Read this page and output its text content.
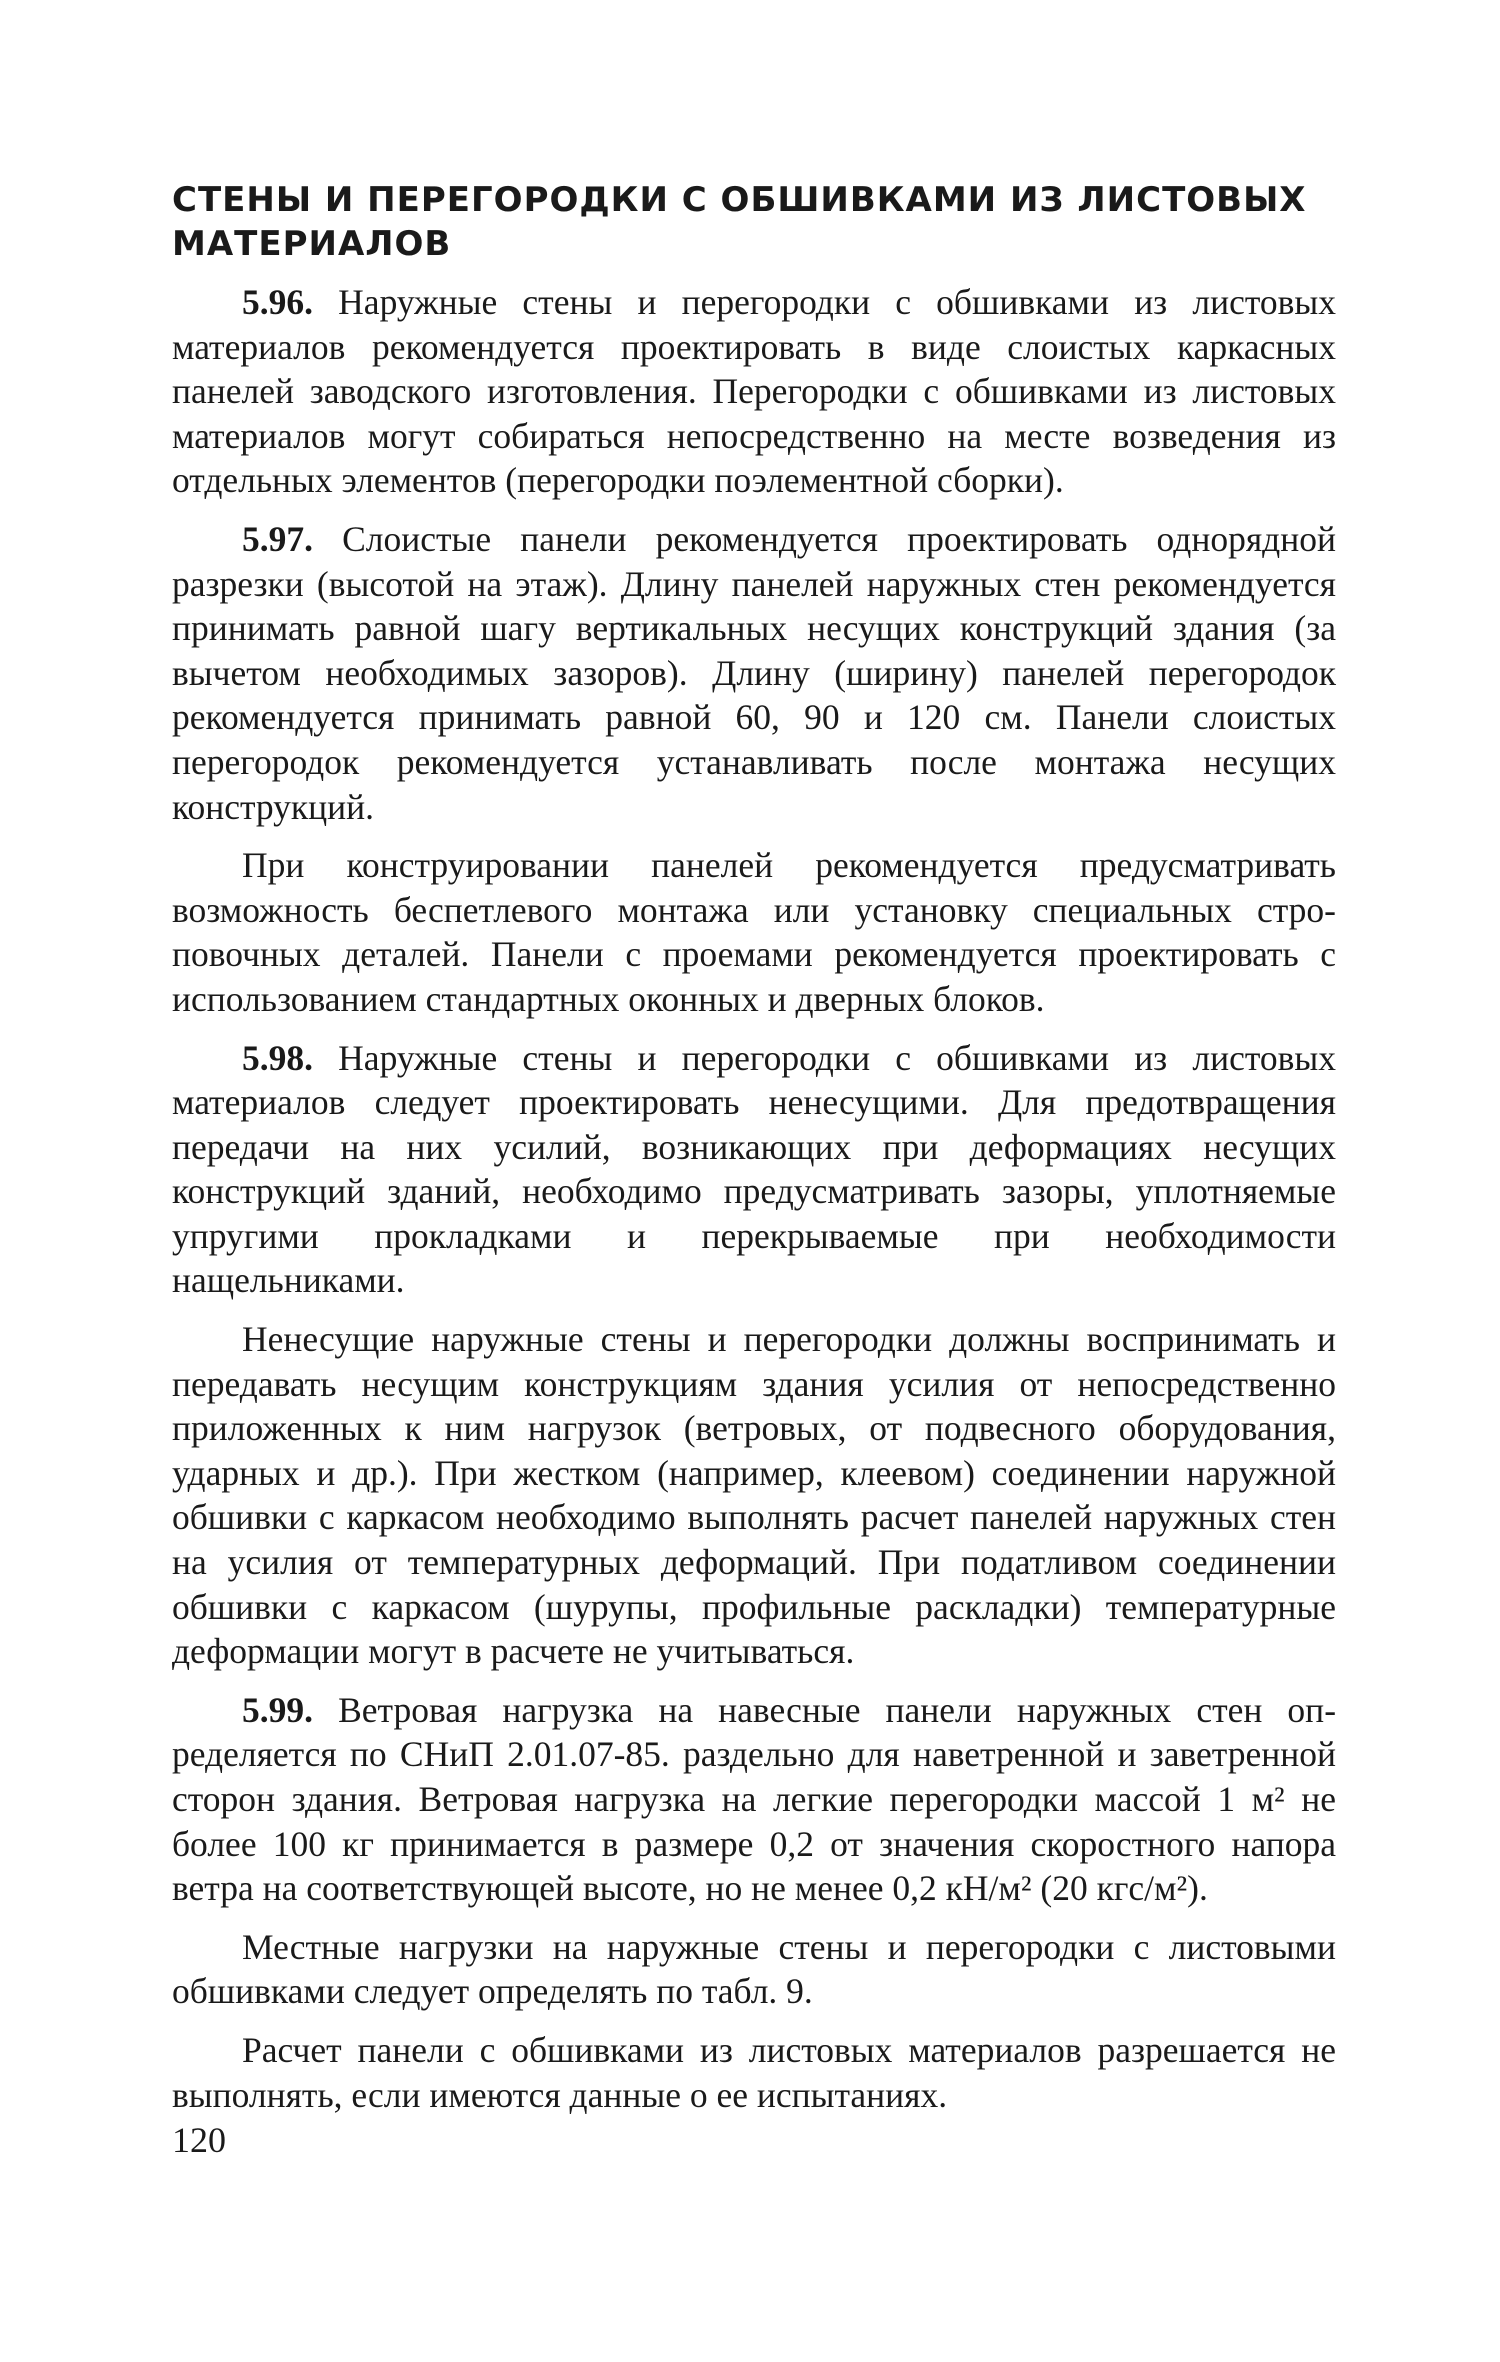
СТЕНЫ И ПЕРЕГОРОДКИ С ОБШИВКАМИ ИЗ ЛИСТОВЫХ МАТЕРИАЛОВ

5.96. Наружные стены и перегородки с обшивками из листовых материалов рекомендуется проектировать в виде слоистых каркасных панелей заводского изготовления. Перегородки с обшивками из листовых материалов могут собираться непосредственно на месте возведения из отдельных элементов (перегородки поэлементной сборки).

5.97. Слоистые панели рекомендуется проектировать однорядной разрезки (высотой на этаж). Длину панелей наружных стен рекомендуется принимать равной шагу вертикальных несущих конструкций здания (за вычетом необходимых зазоров). Длину (ширину) панелей перегородок рекомендуется принимать равной 60, 90 и 120 см. Панели слоистых перегородок рекомендуется устанавливать после монтажа несущих конструкций.

При конструировании панелей рекомендуется предусматривать возможность беспетлевого монтажа или установку специальных строповочных деталей. Панели с проемами рекомендуется проектировать с использованием стандартных оконных и дверных блоков.

5.98. Наружные стены и перегородки с обшивками из листовых материалов следует проектировать ненесущими. Для предотвращения передачи на них усилий, возникающих при деформациях несущих конструкций зданий, необходимо предусматривать зазоры, уплотняемые упругими прокладками и перекрываемые при необходимости нащельниками.

Ненесущие наружные стены и перегородки должны воспринимать и передавать несущим конструкциям здания усилия от непосредственно приложенных к ним нагрузок (ветровых, от подвесного оборудования, ударных и др.). При жестком (например, клеевом) соединении наружной обшивки с каркасом необходимо выполнять расчет панелей наружных стен на усилия от температурных деформаций. При податливом соединении обшивки с каркасом (шурупы, профильные раскладки) температурные деформации могут в расчете не учитываться.

5.99. Ветровая нагрузка на навесные панели наружных стен определяется по СНиП 2.01.07-85. раздельно для наветренной и заветренной сторон здания. Ветровая нагрузка на легкие перегородки массой 1 м² не более 100 кг принимается в размере 0,2 от значения скоростного напора ветра на соответствующей высоте, но не менее 0,2 кН/м² (20 кгс/м²).

Местные нагрузки на наружные стены и перегородки с листовыми обшивками следует определять по табл. 9.

Расчет панели с обшивками из листовых материалов разрешается не выполнять, если имеются данные о ее испытаниях.

120
